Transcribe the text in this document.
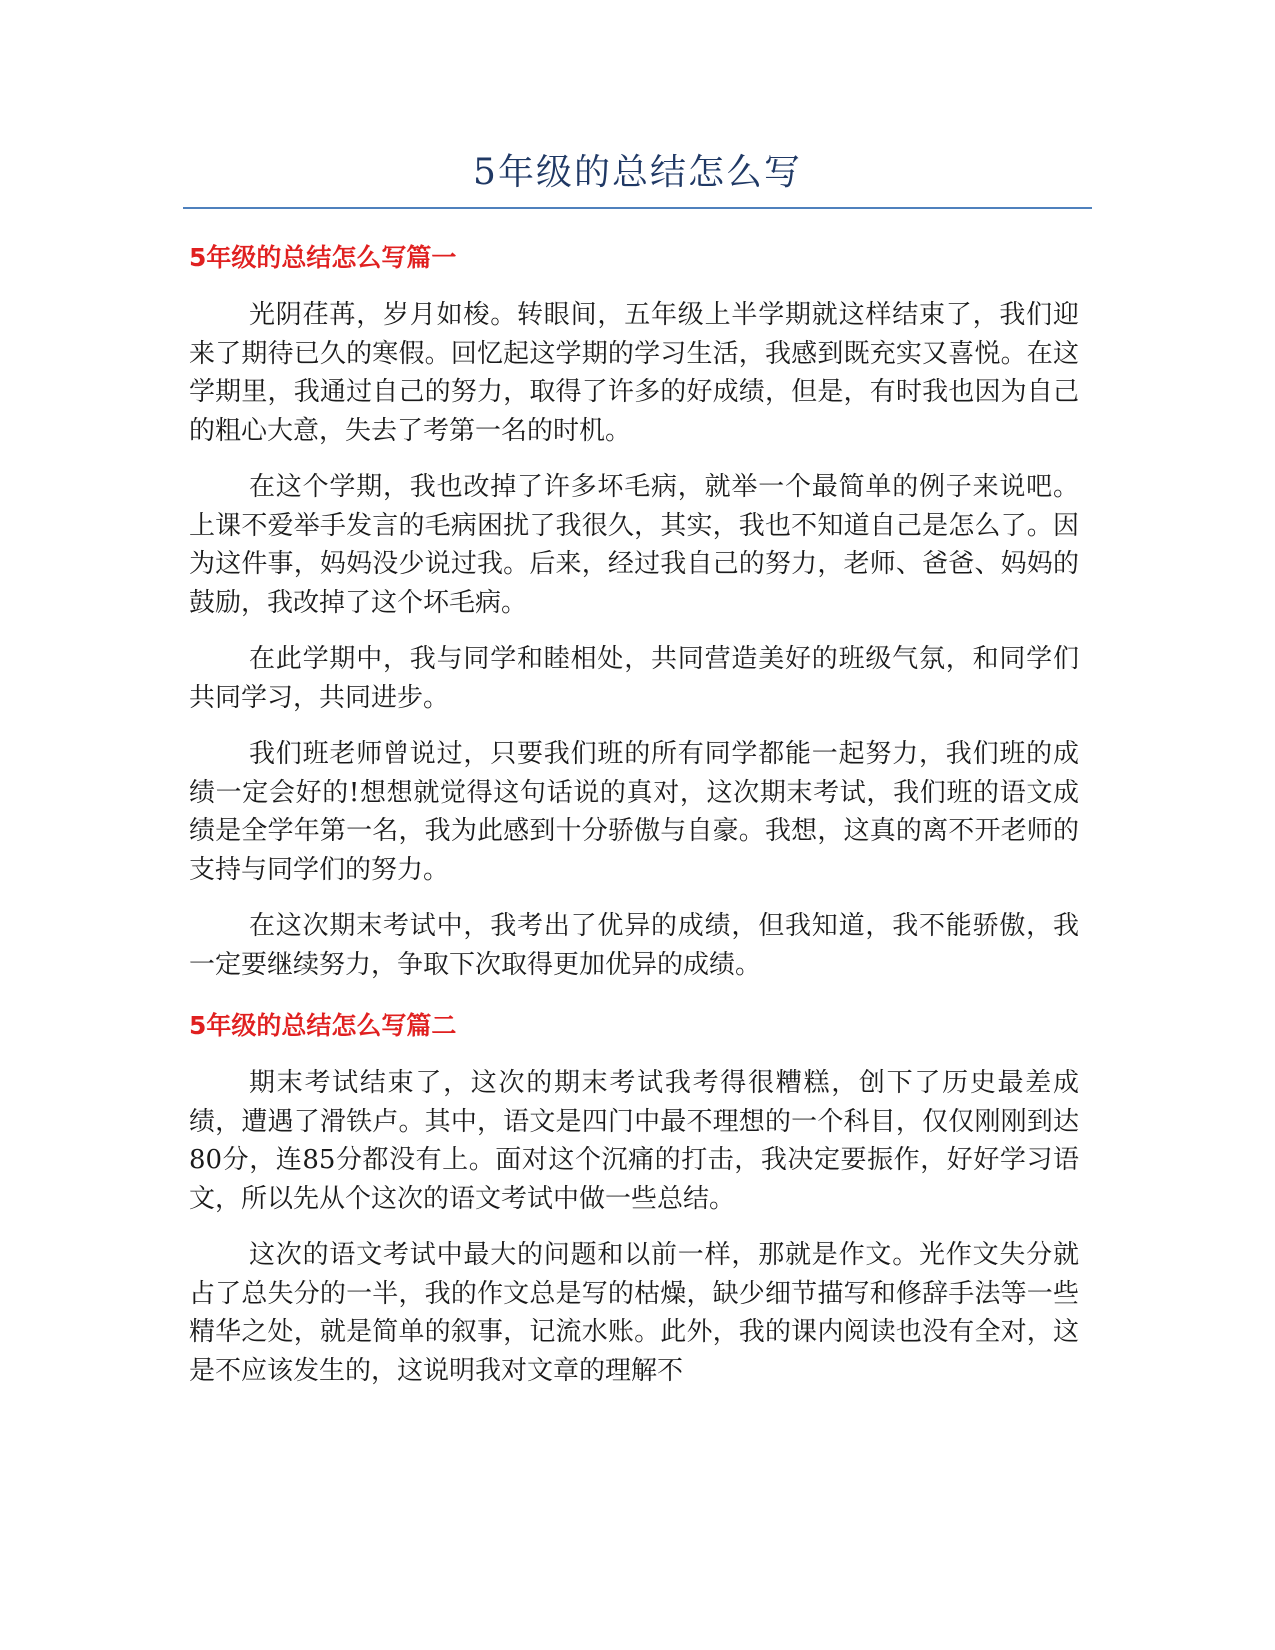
5年级的总结怎么写
5年级的总结怎么写篇一

光阴荏苒，岁月如梭。转眼间，五年级上半学期就这样结束了，我们迎来了期待已久的寒假。回忆起这学期的学习生活，我感到既充实又喜悦。在这学期里，我通过自己的努力，取得了许多的好成绩，但是，有时我也因为自己的粗心大意，失去了考第一名的时机。

在这个学期，我也改掉了许多坏毛病，就举一个最简单的例子来说吧。上课不爱举手发言的毛病困扰了我很久，其实，我也不知道自己是怎么了。因为这件事，妈妈没少说过我。后来，经过我自己的努力，老师、爸爸、妈妈的鼓励，我改掉了这个坏毛病。

在此学期中，我与同学和睦相处，共同营造美好的班级气氛，和同学们共同学习，共同进步。

我们班老师曾说过，只要我们班的所有同学都能一起努力，我们班的成绩一定会好的!想想就觉得这句话说的真对，这次期末考试，我们班的语文成绩是全学年第一名，我为此感到十分骄傲与自豪。我想，这真的离不开老师的支持与同学们的努力。

在这次期末考试中，我考出了优异的成绩，但我知道，我不能骄傲，我一定要继续努力，争取下次取得更加优异的成绩。

5年级的总结怎么写篇二

期末考试结束了，这次的期末考试我考得很糟糕，创下了历史最差成绩，遭遇了滑铁卢。其中，语文是四门中最不理想的一个科目，仅仅刚刚到达80分，连85分都没有上。面对这个沉痛的打击，我决定要振作，好好学习语文，所以先从个这次的语文考试中做一些总结。

这次的语文考试中最大的问题和以前一样，那就是作文。光作文失分就占了总失分的一半，我的作文总是写的枯燥，缺少细节描写和修辞手法等一些精华之处，就是简单的叙事，记流水账。此外，我的课内阅读也没有全对，这是不应该发生的，这说明我对文章的理解不
